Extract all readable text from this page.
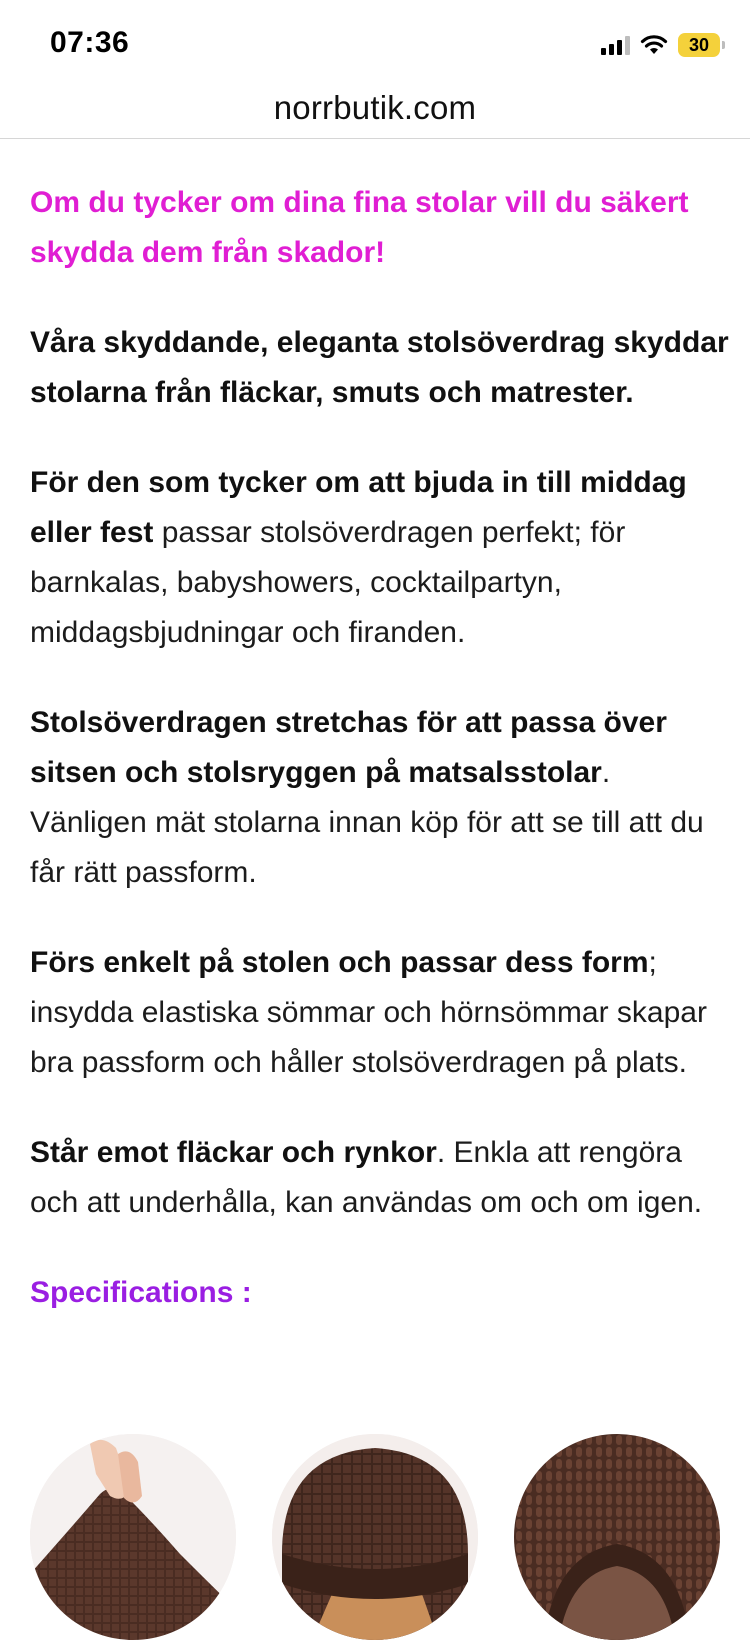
07:36	30
norrbutik.com

Om du tycker om dina fina stolar vill du säkert skydda dem från skador!

Våra skyddande, eleganta stolsöverdrag skyddar stolarna från fläckar, smuts och matrester.

För den som tycker om att bjuda in till middag eller fest passar stolsöverdragen perfekt; för barnkalas, babyshowers, cocktailpartyn, middagsbjudningar och firanden.

Stolsöverdragen stretchas för att passa över sitsen och stolsryggen på matsalsstolar. Vänligen mät stolarna innan köp för att se till att du får rätt passform.

Förs enkelt på stolen och passar dess form; insydda elastiska sömmar och hörnsömmar skapar bra passform och håller stolsöverdragen på plats.

Står emot fläckar och rynkor. Enkla att rengöra och att underhålla, kan användas om och om igen.

Specifications :
